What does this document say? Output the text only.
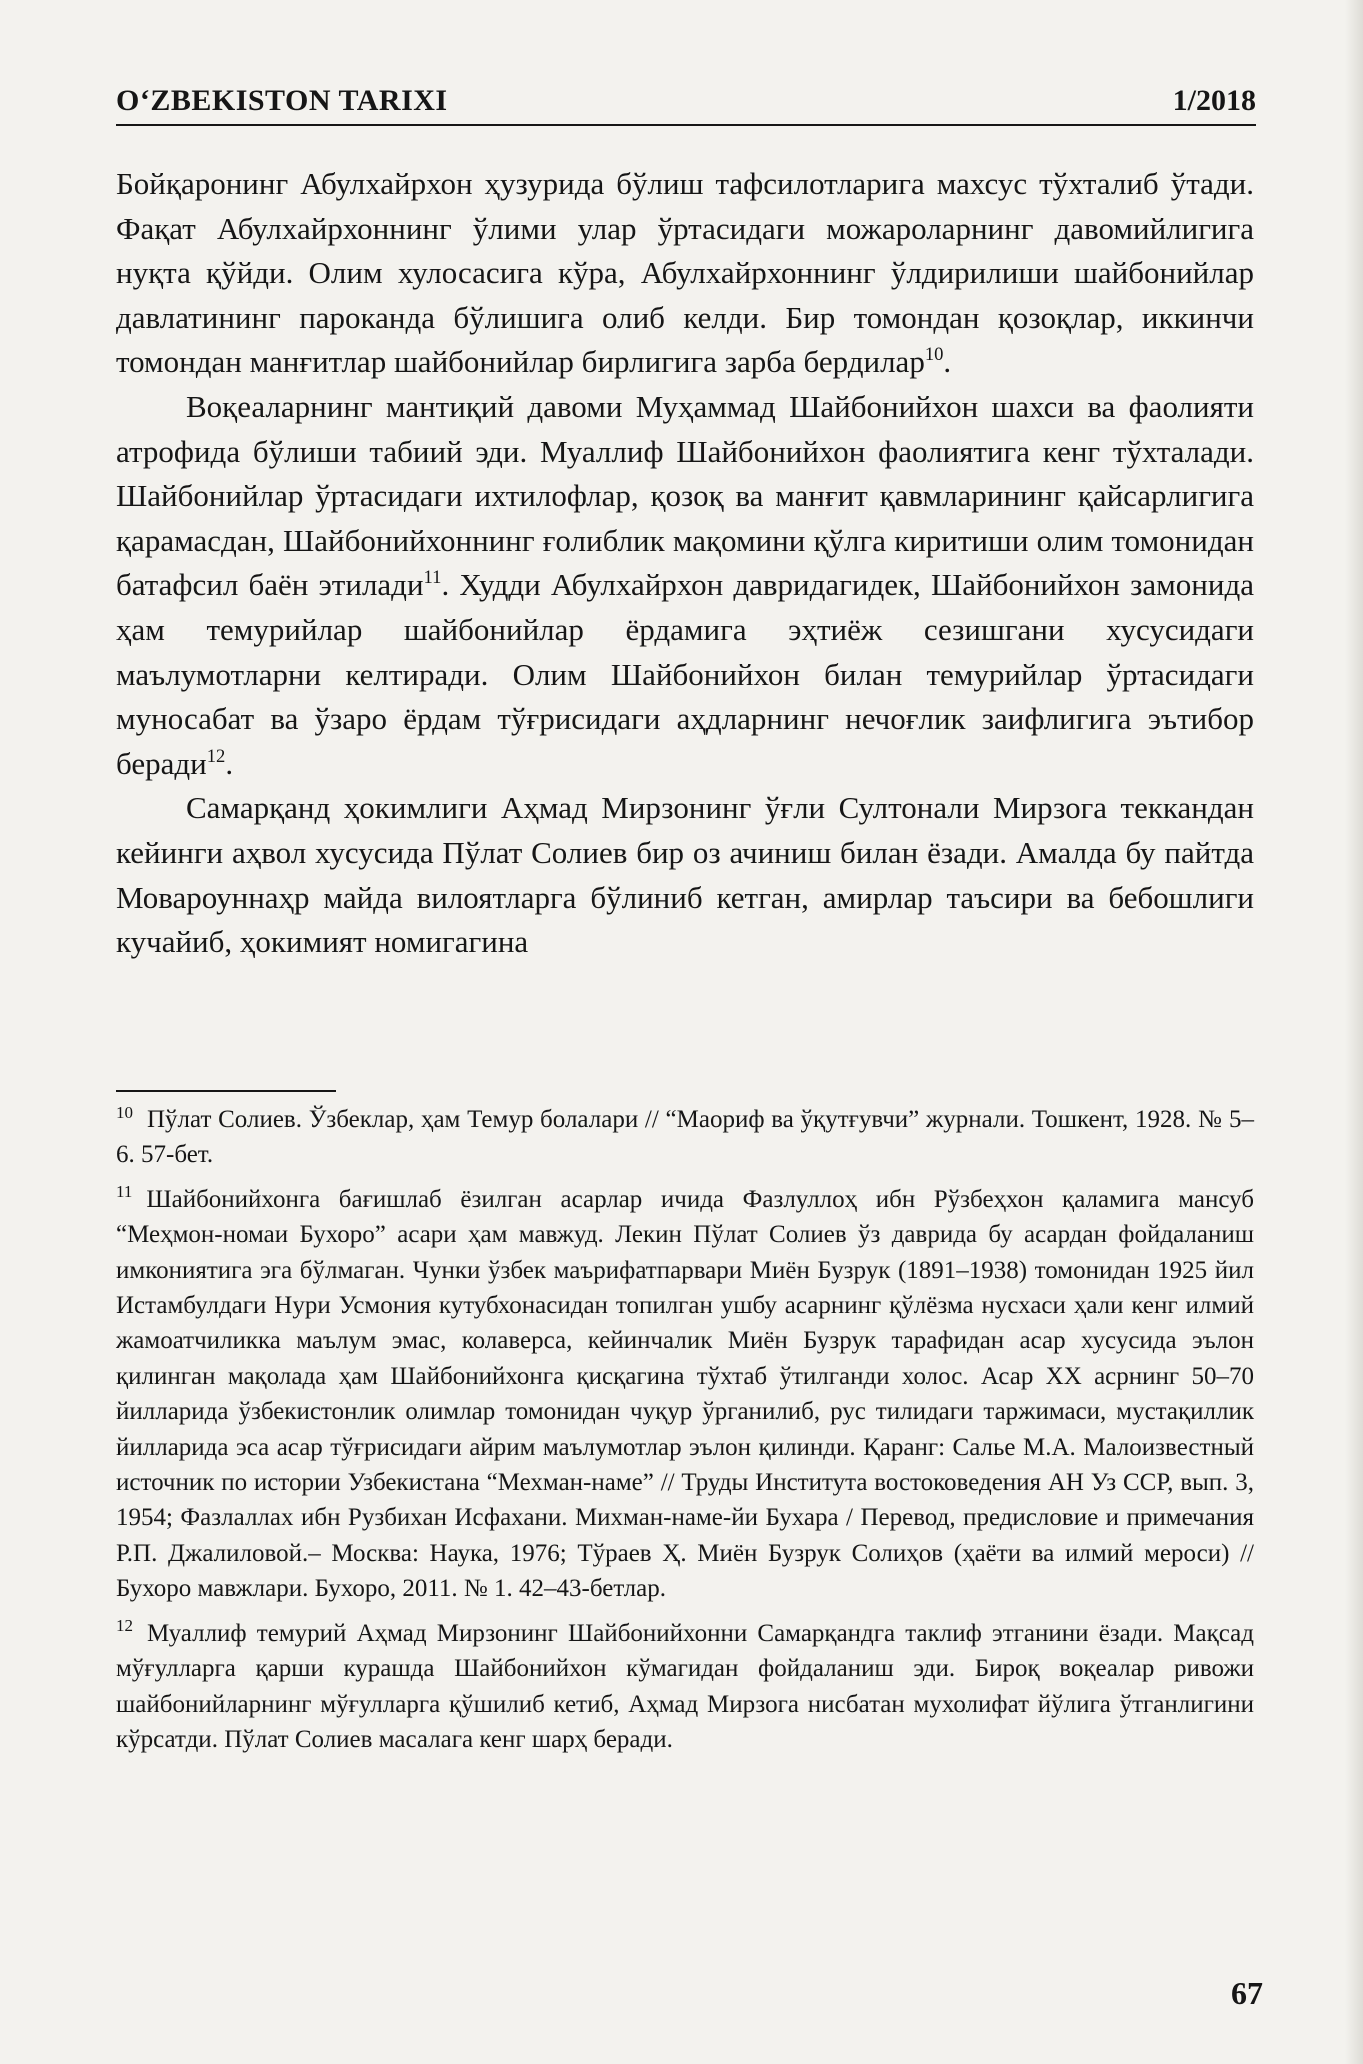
O‘ZBEKISTON TARIXI	1/2018

Бойқаронинг Абулхайрхон ҳузурида бўлиш тафсилотларига махсус тўхталиб ўтади. Фақат Абулхайрхоннинг ўлими улар ўртасидаги можароларнинг давомийлигига нуқта қўйди. Олим хулосасига кўра, Абулхайрхоннинг ўлдирилиши шайбонийлар давлатининг пароканда бўлишига олиб келди. Бир томондан қозоқлар, иккинчи томондан манғитлар шайбонийлар бирлигига зарба бердилар$^{10}$.

Воқеаларнинг мантиқий давоми Муҳаммад Шайбонийхон шахси ва фаолияти атрофида бўлиши табиий эди. Муаллиф Шайбонийхон фаолиятига кенг тўхталади. Шайбонийлар ўртасидаги ихтилофлар, қозоқ ва манғит қавмларининг қайсарлигига қарамасдан, Шайбонийхоннинг ғолиблик мақомини қўлга киритиши олим томонидан батафсил баён этилади$^{11}$. Худди Абулхайрхон давридагидек, Шайбонийхон замонида ҳам темурийлар шайбонийлар ёрдамига эҳтиёж сезишгани хусусидаги маълумотларни келтиради. Олим Шайбонийхон билан темурийлар ўртасидаги муносабат ва ўзаро ёрдам тўғрисидаги аҳдларнинг нечоғлик заифлигига эътибор беради$^{12}$.

Самарқанд ҳокимлиги Аҳмад Мирзонинг ўғли Султонали Мирзога теккандан кейинги аҳвол хусусида Пўлат Солиев бир оз ачиниш билан ёзади. Амалда бу пайтда Мовароуннаҳр майда вилоятларга бўлиниб кетган, амирлар таъсири ва бебошлиги кучайиб, ҳокимият номигагина

$^{10}$ Пўлат Солиев. Ўзбеклар, ҳам Темур болалари // “Маориф ва ўқутғувчи” журнали. Тошкент, 1928. № 5–6. 57-бет.

$^{11}$ Шайбонийхонга бағишлаб ёзилган асарлар ичида Фазлуллоҳ ибн Рўзбеҳхон қаламига мансуб “Меҳмон-номаи Бухоро” асари ҳам мавжуд. Лекин Пўлат Солиев ўз даврида бу асардан фойдаланиш имкониятига эга бўлмаган. Чунки ўзбек маърифатпарвари Миён Бузрук (1891–1938) томонидан 1925 йил Истамбулдаги Нури Усмония кутубхонасидан топилган ушбу асарнинг қўлёзма нусхаси ҳали кенг илмий жамоатчиликка маълум эмас, колаверса, кейинчалик Миён Бузрук тарафидан асар хусусида эълон қилинган мақолада ҳам Шайбонийхонга қисқагина тўхтаб ўтилганди холос. Асар XX асрнинг 50–70 йилларида ўзбекистонлик олимлар томонидан чуқур ўрганилиб, рус тилидаги таржимаси, мустақиллик йилларида эса асар тўғрисидаги айрим маълумотлар эълон қилинди. Қаранг: Салье М.А. Малоизвестный источник по истории Узбекистана “Мехман-наме” // Труды Института востоковедения АН Уз ССР, вып. 3, 1954; Фазлаллах ибн Рузбихан Исфахани. Михман-наме-йи Бухара / Перевод, предисловие и примечания Р.П. Джалиловой.– Москва: Наука, 1976; Тўраев Ҳ. Миён Бузрук Солиҳов (ҳаёти ва илмий мероси) // Бухоро мавжлари. Бухоро, 2011. № 1. 42–43-бетлар.

$^{12}$ Муаллиф темурий Аҳмад Мирзонинг Шайбонийхонни Самарқандга таклиф этганини ёзади. Мақсад мўғулларга қарши курашда Шайбонийхон кўмагидан фойдаланиш эди. Бироқ воқеалар ривожи шайбонийларнинг мўғулларга қўшилиб кетиб, Аҳмад Мирзога нисбатан мухолифат йўлига ўтганлигини кўрсатди. Пўлат Солиев масалага кенг шарҳ беради.

67
